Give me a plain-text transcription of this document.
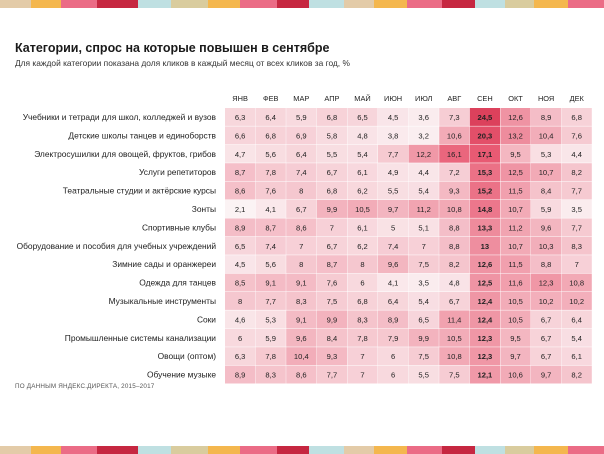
Категории, спрос на которые повышен в сентябре

Для каждой категории показана доля кликов в каждый месяц от всех кликов за год, %

ЯНВ ФЕВ МАР АПР МАЙ ИЮН ИЮЛ АВГ СЕН ОКТ НОЯ ДЕК
Учебники и тетради для школ, колледжей и вузов 6,3	6,4	5,9	6,8	6,5	4,5	3,6	7,3 24,5 12,6 8,9	6,8
Детские школы танцев и единоборств 6,6	6,8	6,9	5,8	4,8	3,8	3,2 10,6 20,3 13,2 10,4 7,6
Электросушилки для овощей, фруктов, грибов 4,7	5,6	6,4	5,5	5,4	7,7 12,2 16,1 17,1 9,5	5,3	4,4
Услуги репетиторов 8,7	7,8	7,4	6,7	6,1	4,9	4,4	7,2 15,3 12,5 10,7 8,2
Театральные студии и актёрские курсы 8,6	7,6	8	6,8	6,2	5,5	5,4	9,3 15,2 11,5 8,4	7,7
Зонты 2,1	4,1	6,7	9,9 10,5 9,7 11,2 10,8 14,8 10,7 5,9	3,5
Спортивные клубы 8,9	8,7	8,6	7	6,1	5	5,1	8,8 13,3 11,2 9,6	7,7
Оборудование и пособия для учебных учреждений 6,5	7,4	7	6,7	6,2	7,4	7	8,8	13 10,7 10,3 8,3
Зимние сады и оранжереи 4,5	5,6	8	8,7	8	9,6	7,5	8,2 12,6 11,5 8,8	7
Одежда для танцев 8,5	9,1	9,1	7,6	6	4,1	3,5	4,8 12,5 11,6 12,3 10,8
Музыкальные инструменты	8	7,7	8,3	7,5	6,8	6,4	5,4	6,7 12,4 10,5 10,2 10,2
Соки 4,6	5,3	9,1	9,9	8,3	8,9	6,5 11,4 12,4 10,5 6,7	6,4
Промышленные системы канализации	6	5,9	9,6	8,4	7,8	7,9	9,9 10,5 12,3 9,5	6,7	5,4
Овощи (оптом) 6,3	7,8 10,4 9,3	7	6	7,5 10,8 12,3 9,7	6,7	6,1
Обучение музыке 8,9	8,3	8,6	7,7	7	6	5,5	7,5 12,1 10,6 9,7	8,2

ПО ДАННЫМ ЯНДЕКС.ДИРЕКТА, 2015–2017
